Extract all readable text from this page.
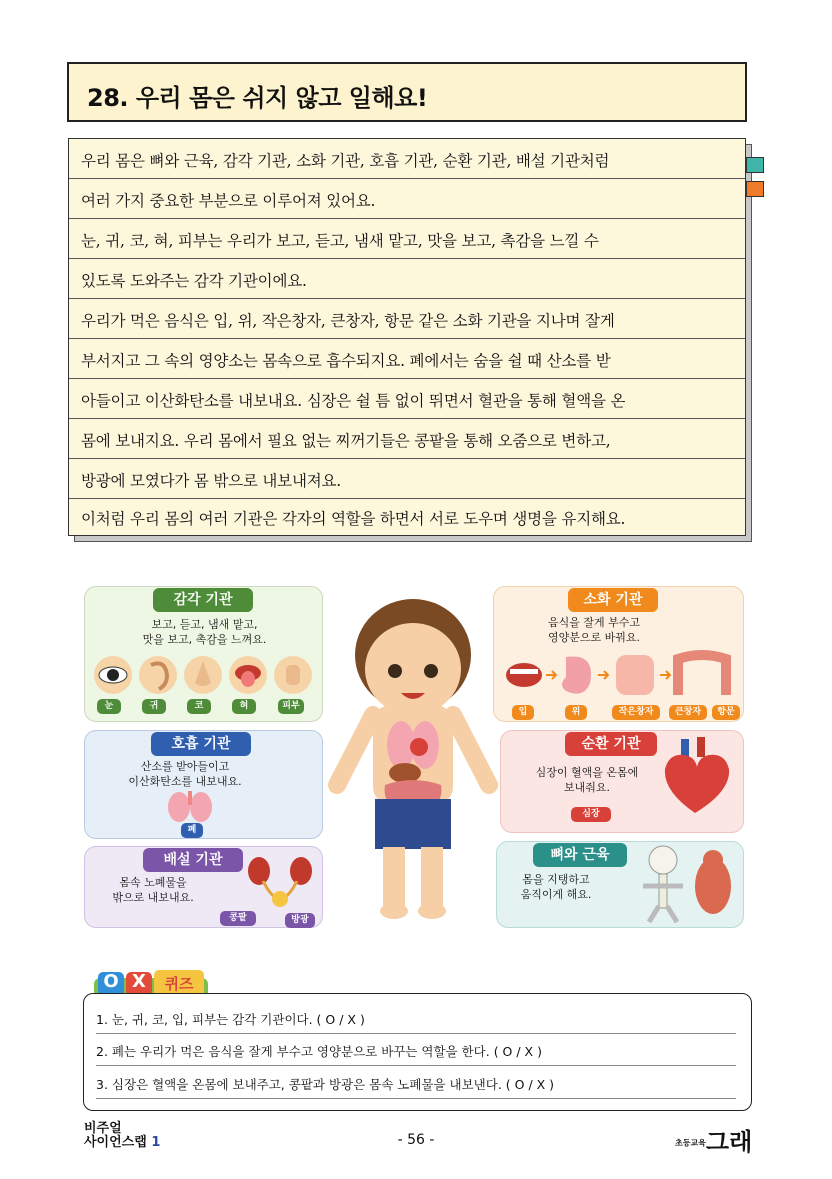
28. 우리 몸은 쉬지 않고 일해요!
우리 몸은 뼈와 근육, 감각 기관, 소화 기관, 호흡 기관, 순환 기관, 배설 기관처럼
여러 가지 중요한 부분으로 이루어져 있어요.
눈, 귀, 코, 혀, 피부는 우리가 보고, 듣고, 냄새 맡고, 맛을 보고, 촉감을 느낄 수
있도록 도와주는 감각 기관이에요.
우리가 먹은 음식은 입, 위, 작은창자, 큰창자, 항문 같은 소화 기관을 지나며 잘게
부서지고 그 속의 영양소는 몸속으로 흡수되지요. 폐에서는 숨을 쉴 때 산소를 받
아들이고 이산화탄소를 내보내요. 심장은 쉴 틈 없이 뛰면서 혈관을 통해 혈액을 온
몸에 보내지요. 우리 몸에서 필요 없는 찌꺼기들은 콩팥을 통해 오줌으로 변하고,
방광에 모였다가 몸 밖으로 내보내져요.
이처럼 우리 몸의 여러 기관은 각자의 역할을 하면서 서로 도우며 생명을 유지해요.
감각 기관
보고, 듣고, 냄새 맡고,
맛을 보고, 촉감을 느껴요.
눈	귀	코	혀	피부
호흡 기관
산소를 받아들이고
이산화탄소를 내보내요.
폐
배설 기관
몸속 노폐물을
밖으로 내보내요.
콩팥	방광
소화 기관
음식을 잘게 부수고
영양분으로 바꿔요.
입	위	작은창자	큰창자	항문
순환 기관
심장이 혈액을 온몸에
보내줘요.
심장
뼈와 근육
몸을 지탱하고
움직이게 해요.
O X	퀴즈
1. 눈, 귀, 코, 입, 피부는 감각 기관이다. ( O / X )
2. 폐는 우리가 먹은 음식을 잘게 부수고 영양분으로 바꾸는 역할을 한다. ( O / X )
3. 심장은 혈액을 온몸에 보내주고, 콩팥과 방광은 몸속 노폐물을 내보낸다. ( O / X )
비주얼
사이언스랩 1	- 56 -	초등교육그래
